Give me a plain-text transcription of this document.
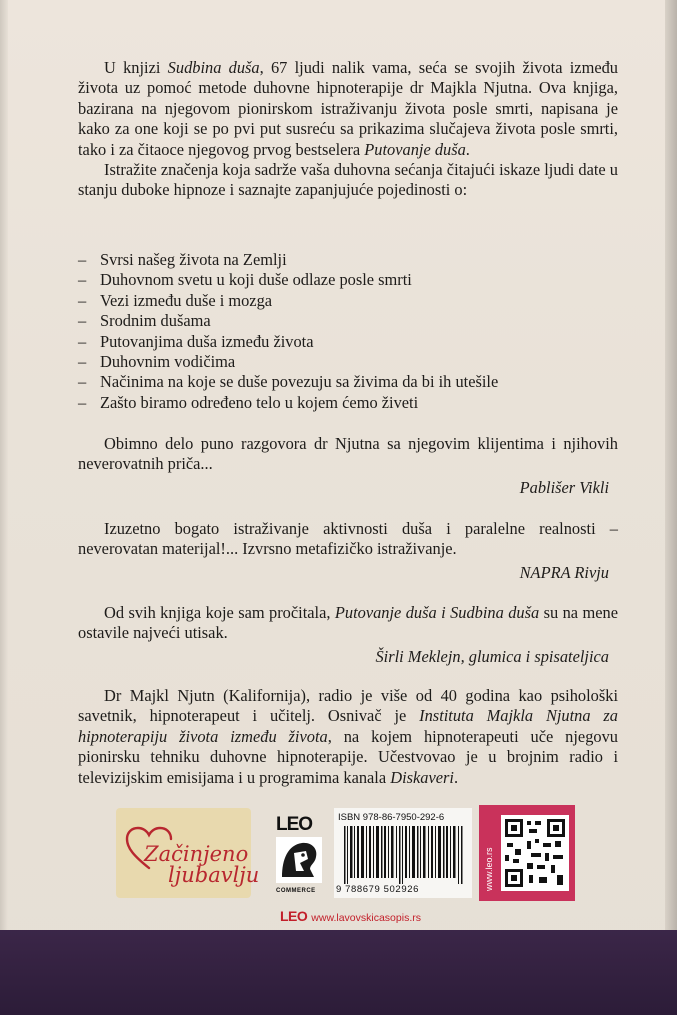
U knjizi Sudbina duša, 67 ljudi nalik vama, seća se svojih života između života uz pomoć metode duhovne hipnoterapije dr Majkla Njutna. Ova knjiga, bazirana na njegovom pionirskom istraživanju života posle smrti, napisana je kako za one koji se po pvi put susreću sa prikazima slučajeva života posle smrti, tako i za čitaoce njegovog prvog bestselera Putovanje duša.

Istražite značenja koja sadrže vaša duhovna sećanja čitajući iskaze ljudi date u stanju duboke hipnoze i saznajte zapanjujuće pojedinosti o:

– Svrsi našeg života na Zemlji
– Duhovnom svetu u koji duše odlaze posle smrti
– Vezi između duše i mozga
– Srodnim dušama
– Putovanjima duša između života
– Duhovnim vodičima
– Načinima na koje se duše povezuju sa živima da bi ih utešile
– Zašto biramo određeno telo u kojem ćemo živeti

Obimno delo puno razgovora dr Njutna sa njegovim klijentima i njihovih neverovatnih priča...

Pablišer Vikli

Izuzetno bogato istraživanje aktivnosti duša i paralelne realnosti – neverovatan materijal!... Izvrsno metafizičko istraživanje.

NAPRA Rivju

Od svih knjiga koje sam pročitala, Putovanje duša i Sudbina duša su na mene ostavile najveći utisak.

Širli Meklejn, glumica i spisateljica

Dr Majkl Njutn (Kalifornija), radio je više od 40 godina kao psihološki savetnik, hipnoterapeut i učitelj. Osnivač je Instituta Majkla Njutna za hipnoterapiju života između života, na kojem hipnoterapeuti uče njegovu pionirsku tehniku duhovne hipnoterapije. Učestvovao je u brojnim radio i televizijskim emisijama i u programima kanala Diskaveri.

Začinjeno
ljubavlju
LEO
COMMERCE
ISBN 978-86-7950-292-6
9 788679 502926	www.leo.rs
LEO www.lavovskicasopis.rs
